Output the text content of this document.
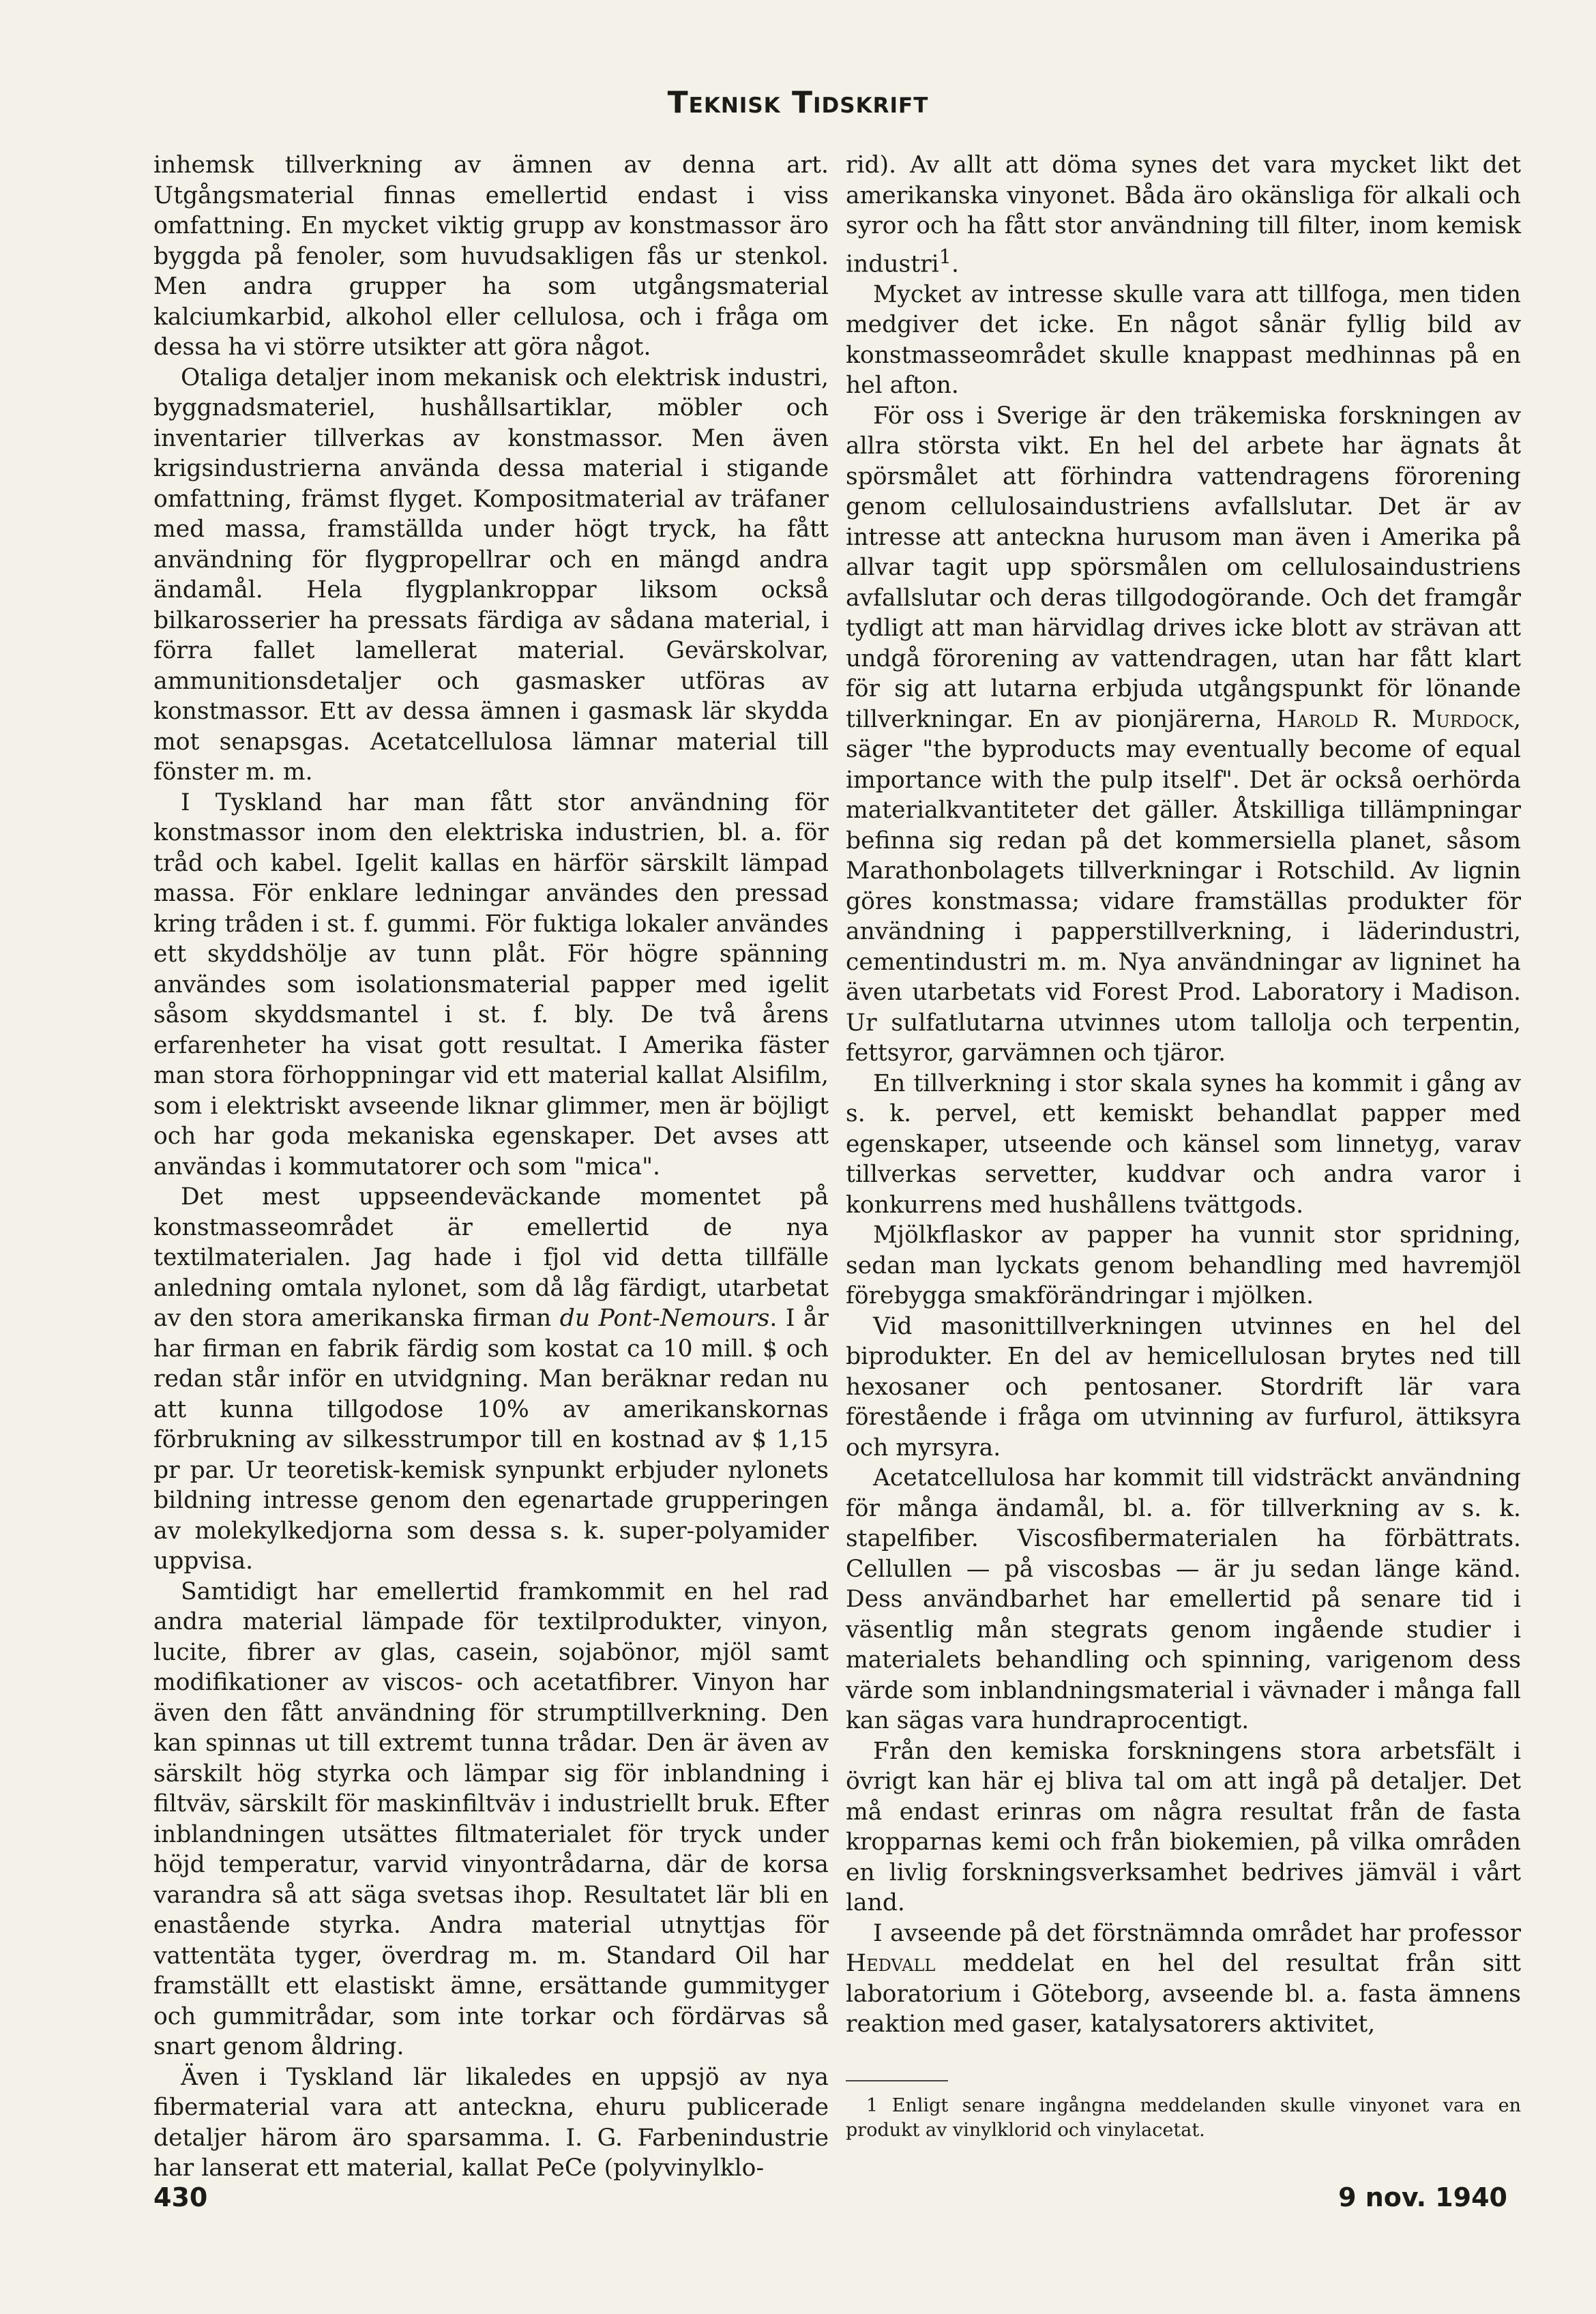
Teknisk Tidskrift

inhemsk tillverkning av ämnen av denna art. Utgångsmaterial finnas emellertid endast i viss omfattning. En mycket viktig grupp av konstmassor äro byggda på fenoler, som huvudsakligen fås ur stenkol. Men andra grupper ha som utgångsmaterial kalciumkarbid, alkohol eller cellulosa, och i fråga om dessa ha vi större utsikter att göra något.

Otaliga detaljer inom mekanisk och elektrisk industri, byggnadsmateriel, hushållsartiklar, möbler och inventarier tillverkas av konstmassor. Men även krigsindustrierna använda dessa material i stigande omfattning, främst flyget. Kompositmaterial av träfaner med massa, framställda under högt tryck, ha fått användning för flygpropellrar och en mängd andra ändamål. Hela flygplankroppar liksom också bilkarosserier ha pressats färdiga av sådana material, i förra fallet lamellerat material. Gevärskolvar, ammunitionsdetaljer och gasmasker utföras av konstmassor. Ett av dessa ämnen i gasmask lär skydda mot senapsgas. Acetatcellulosa lämnar material till fönster m. m.

I Tyskland har man fått stor användning för konstmassor inom den elektriska industrien, bl. a. för tråd och kabel. Igelit kallas en härför särskilt lämpad massa. För enklare ledningar användes den pressad kring tråden i st. f. gummi. För fuktiga lokaler användes ett skyddshölje av tunn plåt. För högre spänning användes som isolationsmaterial papper med igelit såsom skyddsmantel i st. f. bly. De två årens erfarenheter ha visat gott resultat. I Amerika fäster man stora förhoppningar vid ett material kallat Alsifilm, som i elektriskt avseende liknar glimmer, men är böjligt och har goda mekaniska egenskaper. Det avses att användas i kommutatorer och som "mica".

Det mest uppseendeväckande momentet på konstmasseområdet är emellertid de nya textilmaterialen. Jag hade i fjol vid detta tillfälle anledning omtala nylonet, som då låg färdigt, utarbetat av den stora amerikanska firman du Pont-Nemours. I år har firman en fabrik färdig som kostat ca 10 mill. $ och redan står inför en utvidgning. Man beräknar redan nu att kunna tillgodose 10% av amerikanskornas förbrukning av silkesstrumpor till en kostnad av $ 1,15 pr par. Ur teoretisk-kemisk synpunkt erbjuder nylonets bildning intresse genom den egenartade grupperingen av molekylkedjorna som dessa s. k. super-polyamider uppvisa.

Samtidigt har emellertid framkommit en hel rad andra material lämpade för textilprodukter, vinyon, lucite, fibrer av glas, casein, sojabönor, mjöl samt modifikationer av viscos- och acetatfibrer. Vinyon har även den fått användning för strumptillverkning. Den kan spinnas ut till extremt tunna trådar. Den är även av särskilt hög styrka och lämpar sig för inblandning i filtväv, särskilt för maskinfiltväv i industriellt bruk. Efter inblandningen utsättes filtmaterialet för tryck under höjd temperatur, varvid vinyontrådarna, där de korsa varandra så att säga svetsas ihop. Resultatet lär bli en enastående styrka. Andra material utnyttjas för vattentäta tyger, överdrag m. m. Standard Oil har framställt ett elastiskt ämne, ersättande gummityger och gummitrådar, som inte torkar och fördärvas så snart genom åldring.

Även i Tyskland lär likaledes en uppsjö av nya fibermaterial vara att anteckna, ehuru publicerade detaljer härom äro sparsamma. I. G. Farbenindustrie har lanserat ett material, kallat PeCe (polyvinylklo-

rid). Av allt att döma synes det vara mycket likt det amerikanska vinyonet. Båda äro okänsliga för alkali och syror och ha fått stor användning till filter, inom kemisk industri$^1$.

Mycket av intresse skulle vara att tillfoga, men tiden medgiver det icke. En något sånär fyllig bild av konstmasseområdet skulle knappast medhinnas på en hel afton.

För oss i Sverige är den träkemiska forskningen av allra största vikt. En hel del arbete har ägnats åt spörsmålet att förhindra vattendragens förorening genom cellulosaindustriens avfallslutar. Det är av intresse att anteckna hurusom man även i Amerika på allvar tagit upp spörsmålen om cellulosaindustriens avfallslutar och deras tillgodogörande. Och det framgår tydligt att man härvidlag drives icke blott av strävan att undgå förorening av vattendragen, utan har fått klart för sig att lutarna erbjuda utgångspunkt för lönande tillverkningar. En av pionjärerna, Harold R. Murdock, säger "the byproducts may eventually become of equal importance with the pulp itself". Det är också oerhörda materialkvantiteter det gäller. Åtskilliga tillämpningar befinna sig redan på det kommersiella planet, såsom Marathonbolagets tillverkningar i Rotschild. Av lignin göres konstmassa; vidare framställas produkter för användning i papperstillverkning, i läderindustri, cementindustri m. m. Nya användningar av ligninet ha även utarbetats vid Forest Prod. Laboratory i Madison. Ur sulfatlutarna utvinnes utom tallolja och terpentin, fettsyror, garvämnen och tjäror.

En tillverkning i stor skala synes ha kommit i gång av s. k. pervel, ett kemiskt behandlat papper med egenskaper, utseende och känsel som linnetyg, varav tillverkas servetter, kuddvar och andra varor i konkurrens med hushållens tvättgods.

Mjölkflaskor av papper ha vunnit stor spridning, sedan man lyckats genom behandling med havremjöl förebygga smakförändringar i mjölken.

Vid masonittillverkningen utvinnes en hel del biprodukter. En del av hemicellulosan brytes ned till hexosaner och pentosaner. Stordrift lär vara förestående i fråga om utvinning av furfurol, ättiksyra och myrsyra.

Acetatcellulosa har kommit till vidsträckt användning för många ändamål, bl. a. för tillverkning av s. k. stapelfiber. Viscosfibermaterialen ha förbättrats. Cellullen — på viscosbas — är ju sedan länge känd. Dess användbarhet har emellertid på senare tid i väsentlig mån stegrats genom ingående studier i materialets behandling och spinning, varigenom dess värde som inblandningsmaterial i vävnader i många fall kan sägas vara hundraprocentigt.

Från den kemiska forskningens stora arbetsfält i övrigt kan här ej bliva tal om att ingå på detaljer. Det må endast erinras om några resultat från de fasta kropparnas kemi och från biokemien, på vilka områden en livlig forskningsverksamhet bedrives jämväl i vårt land.

I avseende på det förstnämnda området har professor Hedvall meddelat en hel del resultat från sitt laboratorium i Göteborg, avseende bl. a. fasta ämnens reaktion med gaser, katalysatorers aktivitet,

1 Enligt senare ingångna meddelanden skulle vinyonet vara en produkt av vinylklorid och vinylacetat.
430	9 nov. 1940
